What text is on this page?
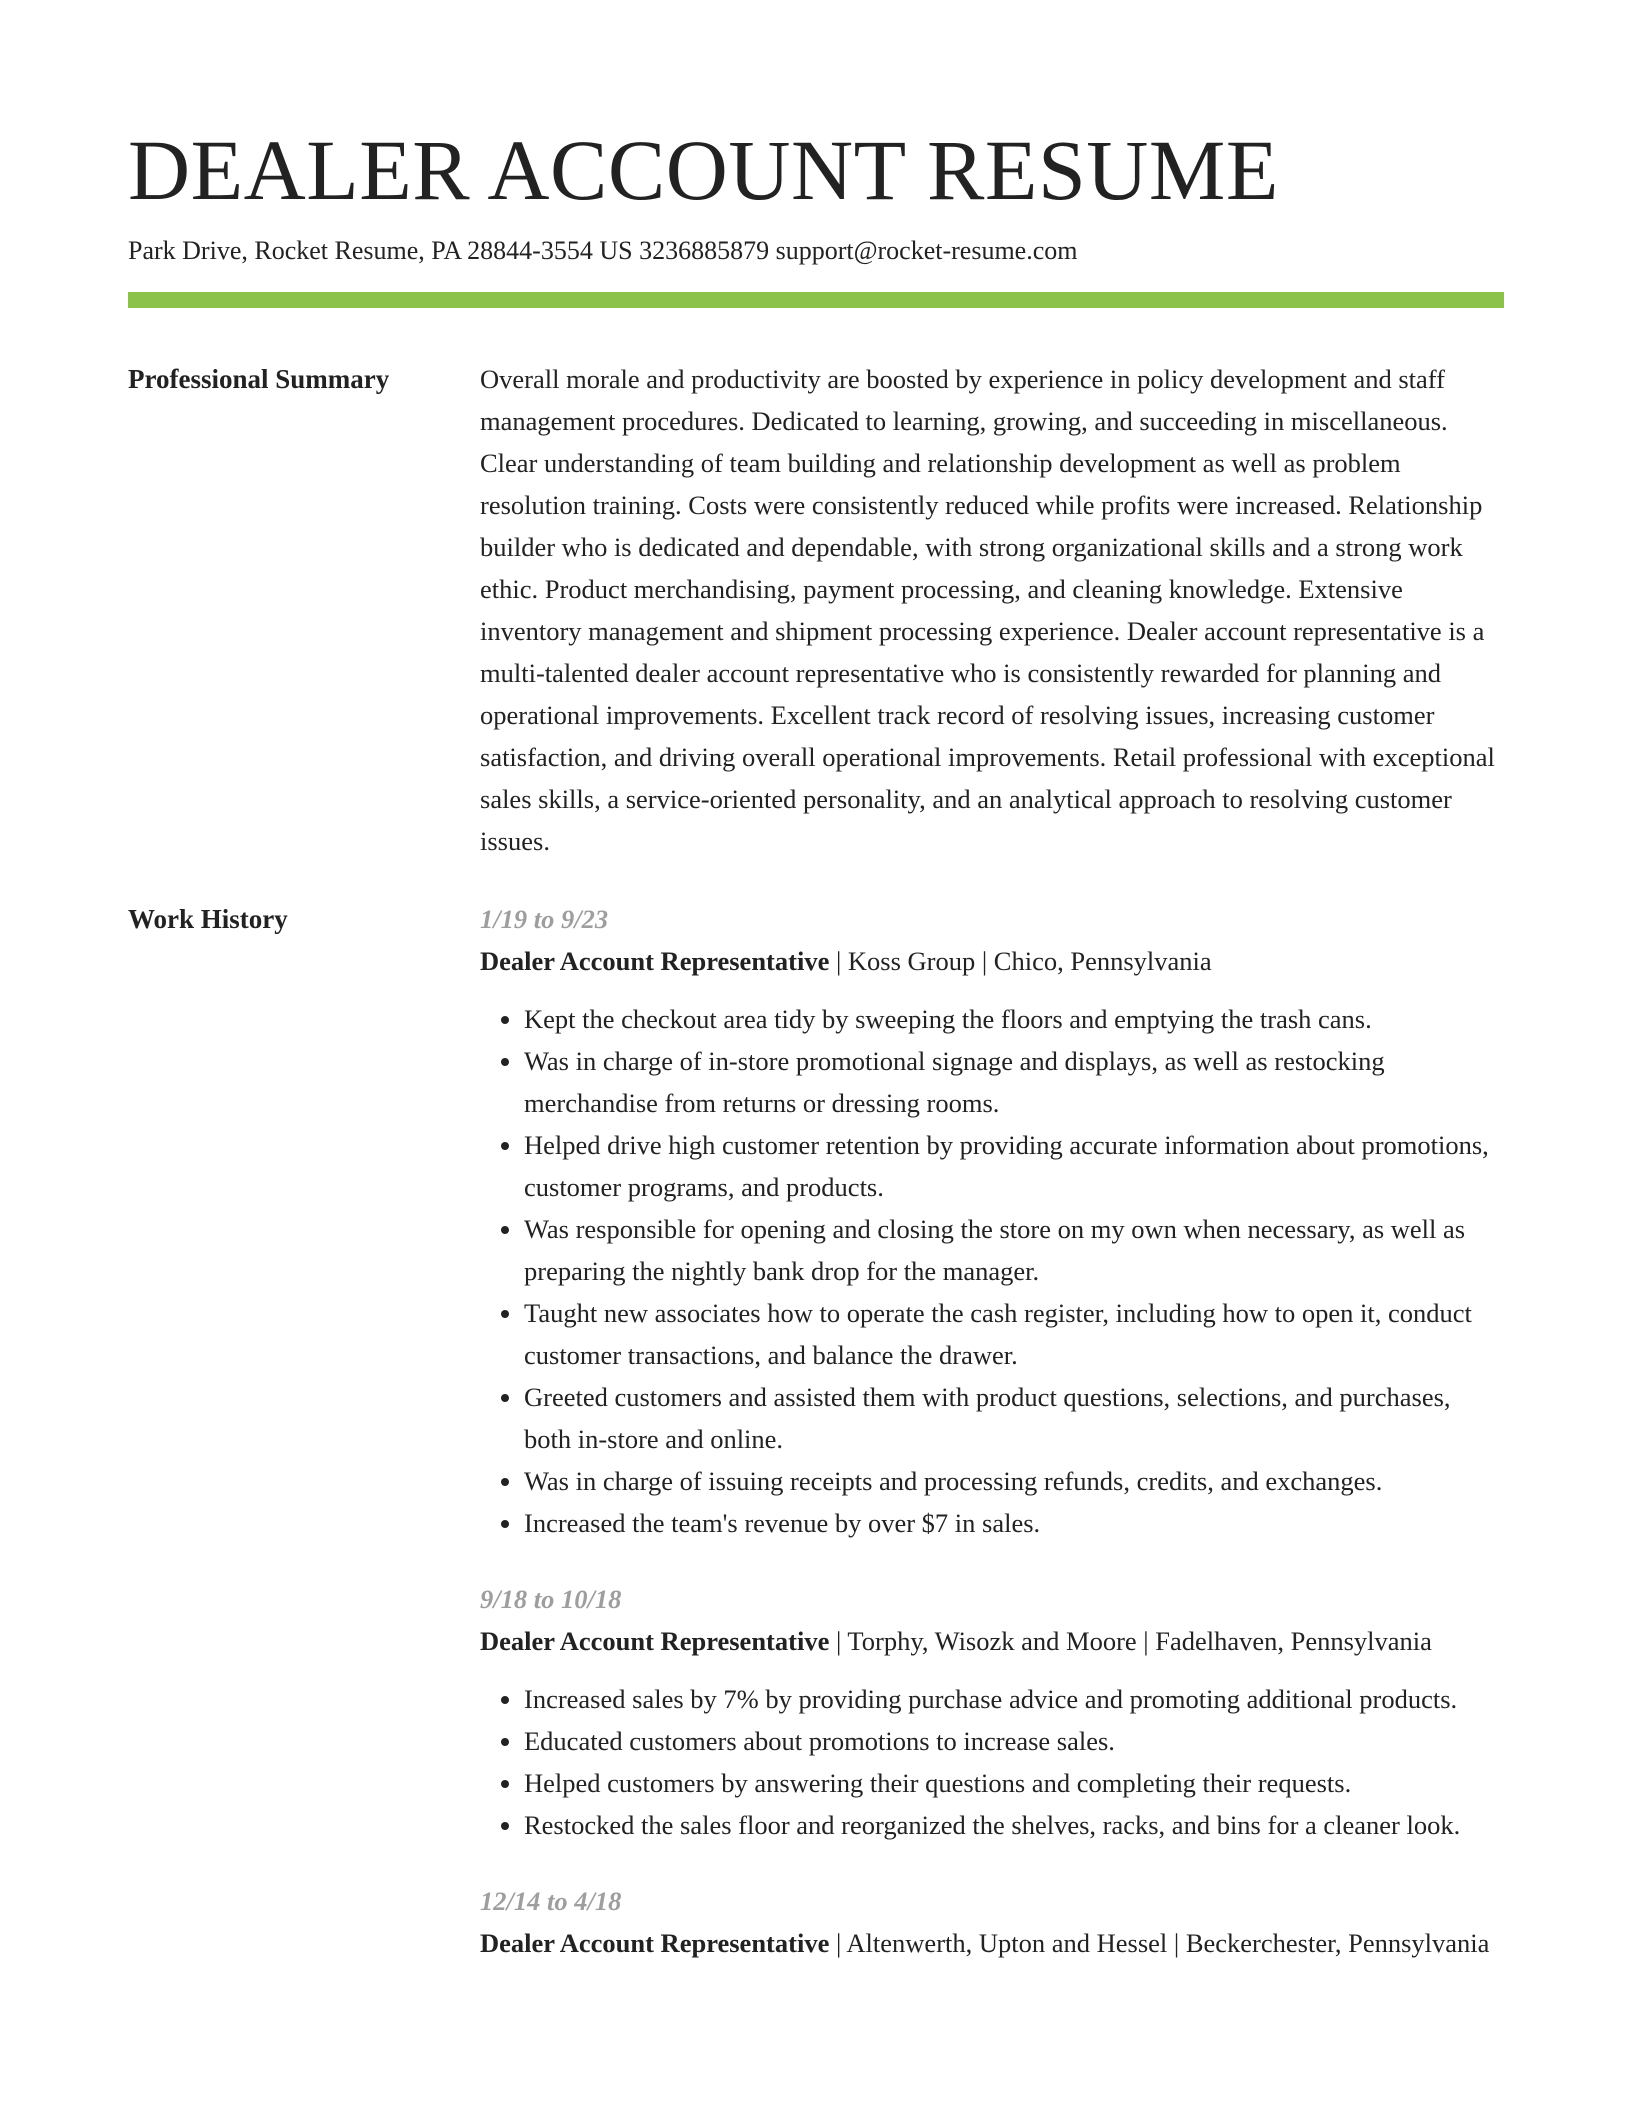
DEALER ACCOUNT RESUME
Park Drive, Rocket Resume, PA 28844-3554 US 3236885879 support@rocket-resume.com
Professional Summary	Overall morale and productivity are boosted by experience in policy development and staff management procedures. Dedicated to learning, growing, and succeeding in miscellaneous. Clear understanding of team building and relationship development as well as problem resolution training. Costs were consistently reduced while profits were increased. Relationship builder who is dedicated and dependable, with strong organizational skills and a strong work ethic. Product merchandising, payment processing, and cleaning knowledge. Extensive inventory management and shipment processing experience. Dealer account representative is a multi-talented dealer account representative who is consistently rewarded for planning and operational improvements. Excellent track record of resolving issues, increasing customer satisfaction, and driving overall operational improvements. Retail professional with exceptional sales skills, a service-oriented personality, and an analytical approach to resolving customer issues.

Work History	1/19 to 9/23
Dealer Account Representative | Koss Group | Chico, Pennsylvania
• Kept the checkout area tidy by sweeping the floors and emptying the trash cans.
• Was in charge of in-store promotional signage and displays, as well as restocking merchandise from returns or dressing rooms.
• Helped drive high customer retention by providing accurate information about promotions, customer programs, and products.
• Was responsible for opening and closing the store on my own when necessary, as well as preparing the nightly bank drop for the manager.
• Taught new associates how to operate the cash register, including how to open it, conduct customer transactions, and balance the drawer.
• Greeted customers and assisted them with product questions, selections, and purchases, both in-store and online.
• Was in charge of issuing receipts and processing refunds, credits, and exchanges.
• Increased the team's revenue by over $7 in sales.
9/18 to 10/18
Dealer Account Representative | Torphy, Wisozk and Moore | Fadelhaven, Pennsylvania
• Increased sales by 7% by providing purchase advice and promoting additional products.
• Educated customers about promotions to increase sales.
• Helped customers by answering their questions and completing their requests.
• Restocked the sales floor and reorganized the shelves, racks, and bins for a cleaner look.
12/14 to 4/18
Dealer Account Representative | Altenwerth, Upton and Hessel | Beckerchester, Pennsylvania
